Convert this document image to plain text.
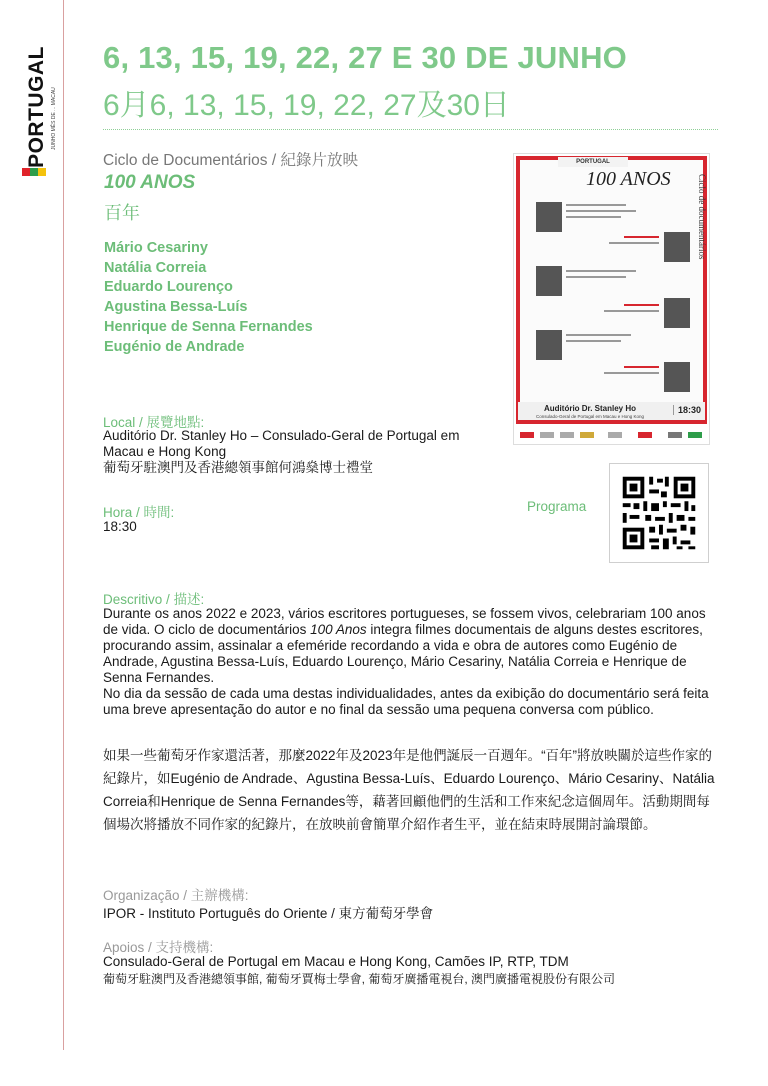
PORTUGAL JUNHO MÊS DE ... MACAU
6, 13, 15, 19, 22, 27 E 30 DE JUNHO
6月6, 13, 15, 19, 22, 27及30日
Ciclo de Documentários / 紀錄片放映
100 ANOS
百年
Mário Cesariny
Natália Correia
Eduardo Lourenço
Agustina Bessa-Luís
Henrique de Senna Fernandes
Eugénio de Andrade
PORTUGAL
100 ANOS	Ciclo de documentários
Auditório Dr. Stanley Ho
Consulado-Geral de Portugal em Macau e Hong Kong
18:30
Local / 展覽地點:
Auditório Dr. Stanley Ho – Consulado-Geral de Portugal em Macau e Hong Kong
葡萄牙駐澳門及香港總領事館何鴻燊博士禮堂
Hora / 時間:
18:30
Programa
Descritivo / 描述:

Durante os anos 2022 e 2023, vários escritores portugueses, se fossem vivos, celebrariam 100 anos de vida. O ciclo de documentários 100 Anos integra filmes documentais de alguns destes escritores, procurando assim, assinalar a efeméride recordando a vida e obra de autores como Eugénio de Andrade, Agustina Bessa-Luís, Eduardo Lourenço, Mário Cesariny, Natália Correia e Henrique de Senna Fernandes.

No dia da sessão de cada uma destas individualidades, antes da exibição do documentário será feita uma breve apresentação do autor e no final da sessão uma pequena conversa com público.

如果一些葡萄牙作家還活著，那麼2022年及2023年是他們誕辰一百週年。“百年”將放映關於這些作家的紀錄片，如Eugénio de Andrade、Agustina Bessa-Luís、Eduardo Lourenço、Mário Cesariny、Natália Correia和Henrique de Senna Fernandes等，藉著回顧他們的生活和工作來紀念這個周年。活動期間每個場次將播放不同作家的紀錄片，在放映前會簡單介紹作者生平，並在結束時展開討論環節。

Organização / 主辦機構:
IPOR - Instituto Português do Oriente / 東方葡萄牙學會
Apoios / 支持機構:
Consulado-Geral de Portugal em Macau e Hong Kong, Camões IP, RTP, TDM
葡萄牙駐澳門及香港總領事館, 葡萄牙賈梅士學會, 葡萄牙廣播電視台, 澳門廣播電視股份有限公司
